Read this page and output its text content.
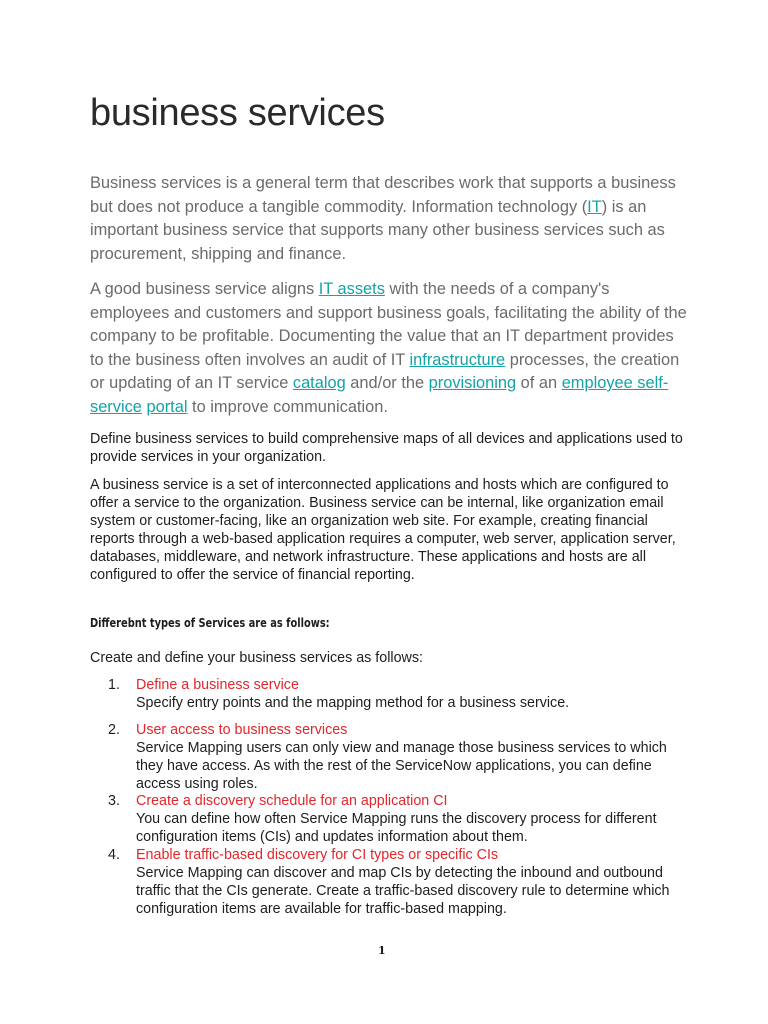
business services

Business services is a general term that describes work that supports a business but does not produce a tangible commodity. Information technology (IT) is an important business service that supports many other business services such as procurement, shipping and finance.

A good business service aligns IT assets with the needs of a company's employees and customers and support business goals, facilitating the ability of the company to be profitable. Documenting the value that an IT department provides to the business often involves an audit of IT infrastructure processes, the creation or updating of an IT service catalog and/or the provisioning of an employee self-service portal to improve communication.

Define business services to build comprehensive maps of all devices and applications used to provide services in your organization.

A business service is a set of interconnected applications and hosts which are configured to offer a service to the organization. Business service can be internal, like organization email system or customer-facing, like an organization web site. For example, creating financial reports through a web-based application requires a computer, web server, application server, databases, middleware, and network infrastructure. These applications and hosts are all configured to offer the service of financial reporting.

Differebnt types of Services are as follows:

Create and define your business services as follows:

1. Define a business service

Specify entry points and the mapping method for a business service.

2. User access to business services

Service Mapping users can only view and manage those business services to which they have access. As with the rest of the ServiceNow applications, you can define access using roles.

3. Create a discovery schedule for an application CI

You can define how often Service Mapping runs the discovery process for different configuration items (CIs) and updates information about them.

4. Enable traffic-based discovery for CI types or specific CIs

Service Mapping can discover and map CIs by detecting the inbound and outbound traffic that the CIs generate. Create a traffic-based discovery rule to determine which configuration items are available for traffic-based mapping.

1
